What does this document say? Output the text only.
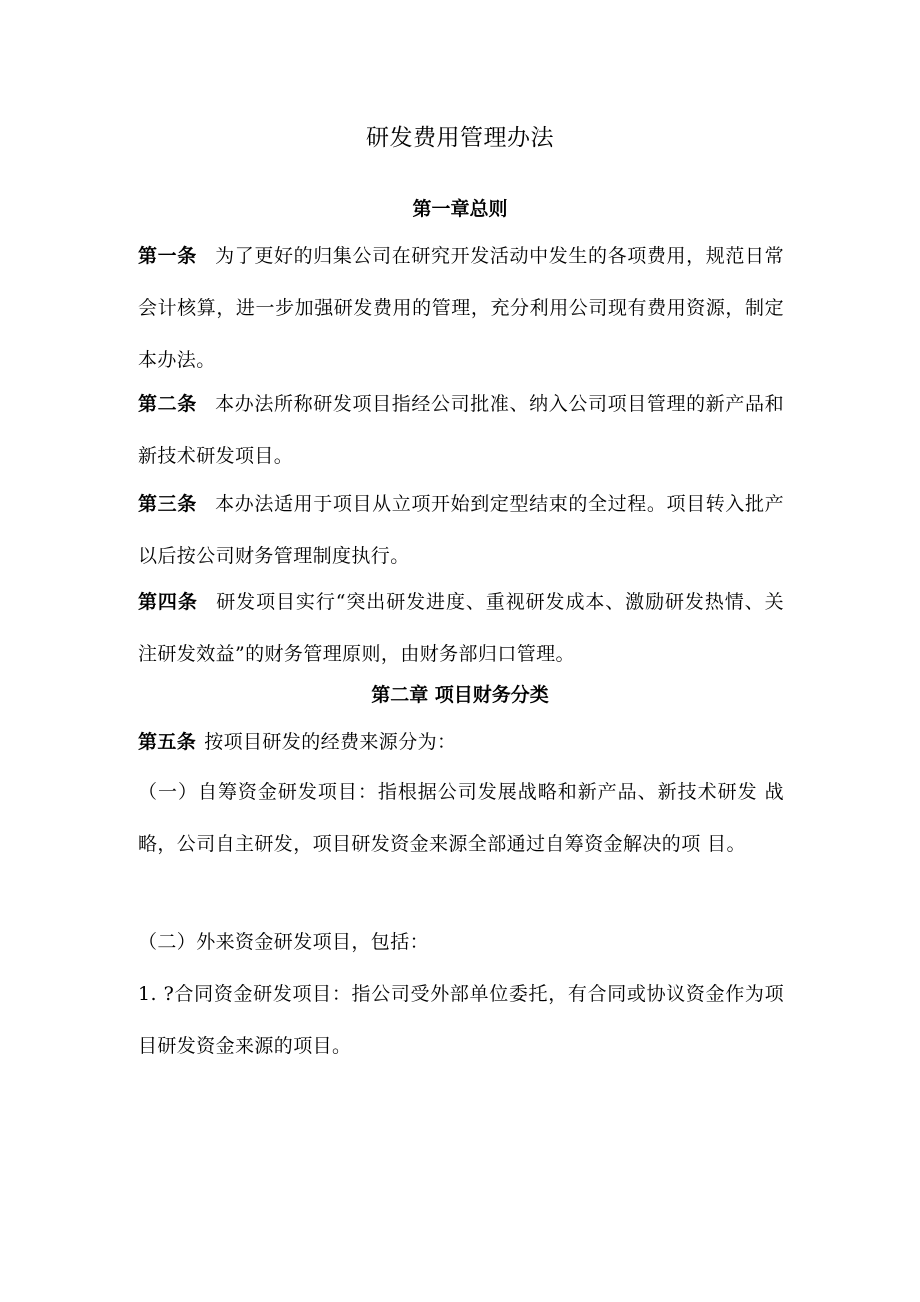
研发费用管理办法
第一章总则
第一条 为了更好的归集公司在研究开发活动中发生的各项费用，规范日常会计核算，进一步加强研发费用的管理，充分利用公司现有费用资源，制定本办法。
第二条 本办法所称研发项目指经公司批准、纳入公司项目管理的新产品和新技术研发项目。
第三条 本办法适用于项目从立项开始到定型结束的全过程。项目转入批产以后按公司财务管理制度执行。
第四条 研发项目实行“突出研发进度、重视研发成本、激励研发热情、关注研发效益”的财务管理原则，由财务部归口管理。
第二章 项目财务分类
第五条 按项目研发的经费来源分为：
（一）自筹资金研发项目：指根据公司发展战略和新产品、新技术研发 战略，公司自主研发，项目研发资金来源全部通过自筹资金解决的项 目。
（二）外来资金研发项目，包括：
1. ?合同资金研发项目：指公司受外部单位委托，有合同或协议资金作为项目研发资金来源的项目。
